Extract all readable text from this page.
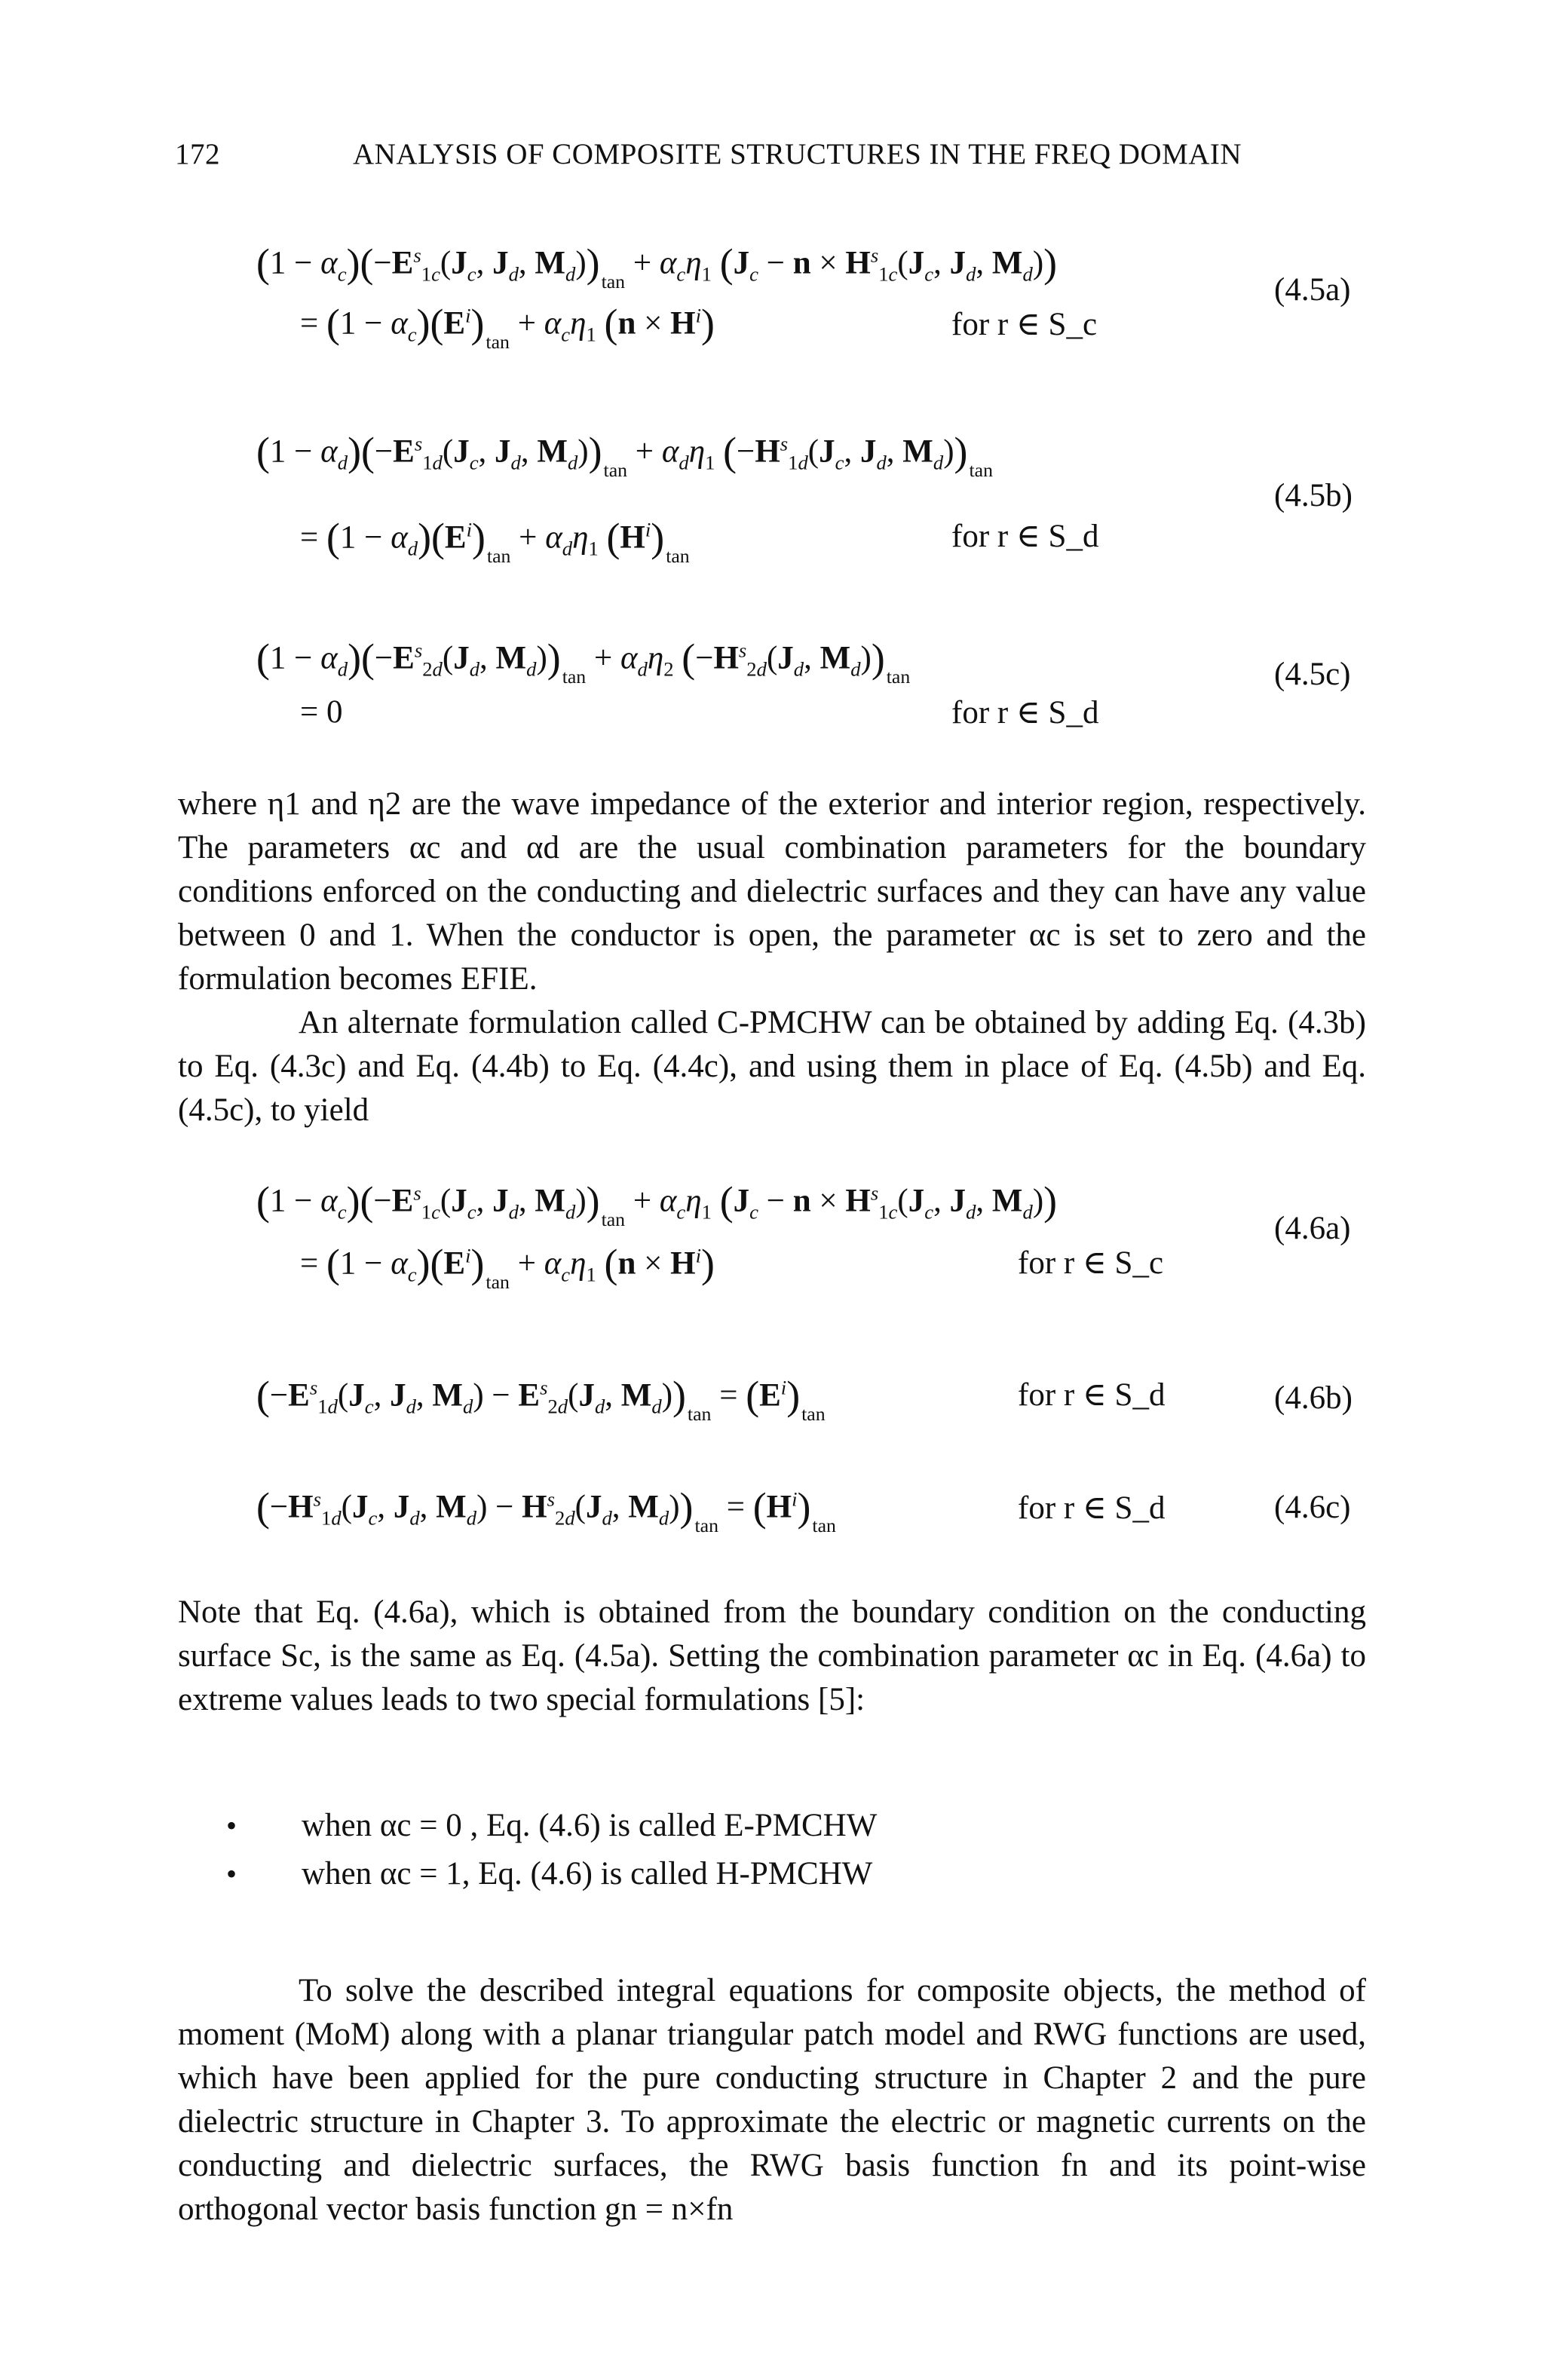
172	ANALYSIS OF COMPOSITE STRUCTURES IN THE FREQ DOMAIN
$(1 - \alpha_c)(-E^s_{1c}(J_c$, $J_d$, $M_d))_{tan} + \alpha_c\eta_1$ ($J_c - n \times H^s_{1c}(J_c$, $J_d$, $M_d$))
= $(1 - \alpha_c)(E^i)_{tan} + \alpha_c\eta_1$ $(n \times H^i)$	for r ∈ S_c
(4.5a)
$(1 - \alpha_d)(-E^s_{1d}(J_c$, $J_d$, $M_d))_{tan} + \alpha_d\eta_1$ ($-H^s_{1d}(J_c$, $J_d$, $M_d))_{tan}$
= $(1 - \alpha_d)(E^i)_{tan} + \alpha_d\eta_1$ $(H^i)_{tan}$
for r ∈ S_d
(4.5b)
$(1 - \alpha_d)(-E^s_{2d}(J_d$, $M_d))_{tan} + \alpha_d\eta_2$ ($-H^s_{2d}(J_d$, $M_d))_{tan}$
= 0	for r ∈ S_d
(4.5c)

where η1 and η2 are the wave impedance of the exterior and interior region, respectively. The parameters αc and αd are the usual combination parameters for the boundary conditions enforced on the conducting and dielectric surfaces and they can have any value between 0 and 1. When the conductor is open, the parameter αc is set to zero and the formulation becomes EFIE.

An alternate formulation called C-PMCHW can be obtained by adding Eq. (4.3b) to Eq. (4.3c) and Eq. (4.4b) to Eq. (4.4c), and using them in place of Eq. (4.5b) and Eq. (4.5c), to yield

$(1 - \alpha_c)(-E^s_{1c}(J_c$, $J_d$, $M_d))_{tan} + \alpha_c\eta_1$ ($J_c - n \times H^s_{1c}(J_c$, $J_d$, $M_d$))
= $(1 - \alpha_c)(E^i)_{tan} + \alpha_c\eta_1$ $(n \times H^i)$	for r ∈ S_c
(4.6a)
($-E^s_{1d}(J_c$, $J_d$, $M_d) - E^s_{2d}(J_d$, $M_d))_{tan} = (E^i)_{tan}$
for r ∈ S_d	(4.6b)
($-H^s_{1d}(J_c$, $J_d$, $M_d) - H^s_{2d}(J_d$, $M_d))_{tan} = (H^i)_{tan}$	for r ∈ S_d	(4.6c)

Note that Eq. (4.6a), which is obtained from the boundary condition on the conducting surface Sc, is the same as Eq. (4.5a). Setting the combination parameter αc in Eq. (4.6a) to extreme values leads to two special formulations [5]:

• when αc = 0 , Eq. (4.6) is called E-PMCHW
• when αc = 1, Eq. (4.6) is called H-PMCHW

To solve the described integral equations for composite objects, the method of moment (MoM) along with a planar triangular patch model and RWG functions are used, which have been applied for the pure conducting structure in Chapter 2 and the pure dielectric structure in Chapter 3. To approximate the electric or magnetic currents on the conducting and dielectric surfaces, the RWG basis function fn and its point-wise orthogonal vector basis function gn = n×fn
